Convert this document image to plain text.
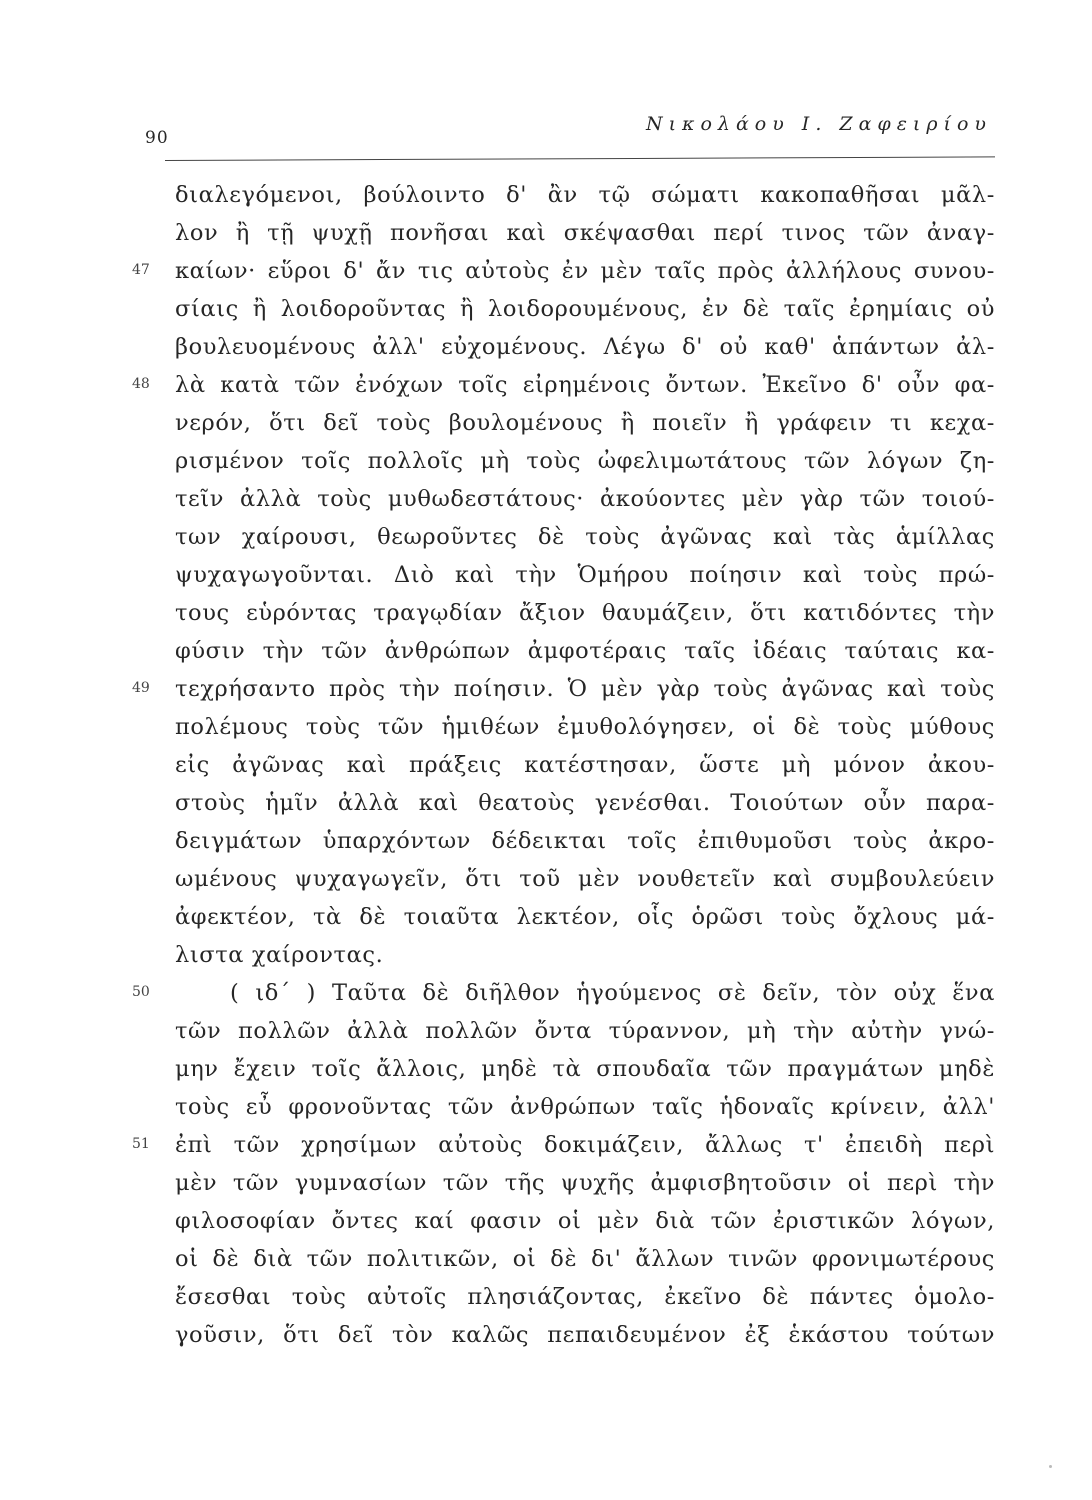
90
Νικολάου Ι. Ζαφειρίου
διαλεγόμενοι, βούλοιντο δ' ἂν τῷ σώματι κακοπαθῆσαι μᾶλ-
λον ἢ τῇ ψυχῇ πονῆσαι καὶ σκέψασθαι περί τινος τῶν ἀναγ-
47	καίων· εὕροι δ' ἄν τις αὐτοὺς ἐν μὲν ταῖς πρὸς ἀλλήλους συνου-
σίαις ἢ λοιδοροῦντας ἢ λοιδορουμένους, ἐν δὲ ταῖς ἐρημίαις οὐ
βουλευομένους ἀλλ' εὐχομένους. Λέγω δ' οὐ καθ' ἁπάντων ἀλ-
48	λὰ κατὰ τῶν ἐνόχων τοῖς εἰρημένοις ὄντων. Ἐκεῖνο δ' οὖν φα-
νερόν, ὅτι δεῖ τοὺς βουλομένους ἢ ποιεῖν ἢ γράφειν τι κεχα-
ρισμένον τοῖς πολλοῖς μὴ τοὺς ὠφελιμωτάτους τῶν λόγων ζη-
τεῖν ἀλλὰ τοὺς μυθωδεστάτους· ἀκούοντες μὲν γὰρ τῶν τοιού-
των χαίρουσι, θεωροῦντες δὲ τοὺς ἀγῶνας καὶ τὰς ἁμίλλας
ψυχαγωγοῦνται. Διὸ καὶ τὴν Ὁμήρου ποίησιν καὶ τοὺς πρώ-
τους εὑρόντας τραγῳδίαν ἄξιον θαυμάζειν, ὅτι κατιδόντες τὴν
φύσιν τὴν τῶν ἀνθρώπων ἀμφοτέραις ταῖς ἰδέαις ταύταις κα-
49	τεχρήσαντο πρὸς τὴν ποίησιν. Ὁ μὲν γὰρ τοὺς ἀγῶνας καὶ τοὺς
πολέμους τοὺς τῶν ἡμιθέων ἐμυθολόγησεν, οἱ δὲ τοὺς μύθους
εἰς ἀγῶνας καὶ πράξεις κατέστησαν, ὥστε μὴ μόνον ἀκου-
στοὺς ἡμῖν ἀλλὰ καὶ θεατοὺς γενέσθαι. Τοιούτων οὖν παρα-
δειγμάτων ὑπαρχόντων δέδεικται τοῖς ἐπιθυμοῦσι τοὺς ἀκρο-
ωμένους ψυχαγωγεῖν, ὅτι τοῦ μὲν νουθετεῖν καὶ συμβουλεύειν
ἀφεκτέον, τὰ δὲ τοιαῦτα λεκτέον, οἷς ὁρῶσι τοὺς ὄχλους μά-
λιστα χαίροντας.
50	( ιδ΄ ) Ταῦτα δὲ διῆλθον ἡγούμενος σὲ δεῖν, τὸν οὐχ ἕνα
τῶν πολλῶν ἀλλὰ πολλῶν ὄντα τύραννον, μὴ τὴν αὐτὴν γνώ-
μην ἔχειν τοῖς ἄλλοις, μηδὲ τὰ σπουδαῖα τῶν πραγμάτων μηδὲ
τοὺς εὖ φρονοῦντας τῶν ἀνθρώπων ταῖς ἡδοναῖς κρίνειν, ἀλλ'
51	ἐπὶ τῶν χρησίμων αὐτοὺς δοκιμάζειν, ἄλλως τ' ἐπειδὴ περὶ
μὲν τῶν γυμνασίων τῶν τῆς ψυχῆς ἀμφισβητοῦσιν οἱ περὶ τὴν
φιλοσοφίαν ὄντες καί φασιν οἱ μὲν διὰ τῶν ἐριστικῶν λόγων,
οἱ δὲ διὰ τῶν πολιτικῶν, οἱ δὲ δι' ἄλλων τινῶν φρονιμωτέρους
ἔσεσθαι τοὺς αὐτοῖς πλησιάζοντας, ἐκεῖνο δὲ πάντες ὁμολο-
γοῦσιν, ὅτι δεῖ τὸν καλῶς πεπαιδευμένον ἐξ ἑκάστου τούτων
